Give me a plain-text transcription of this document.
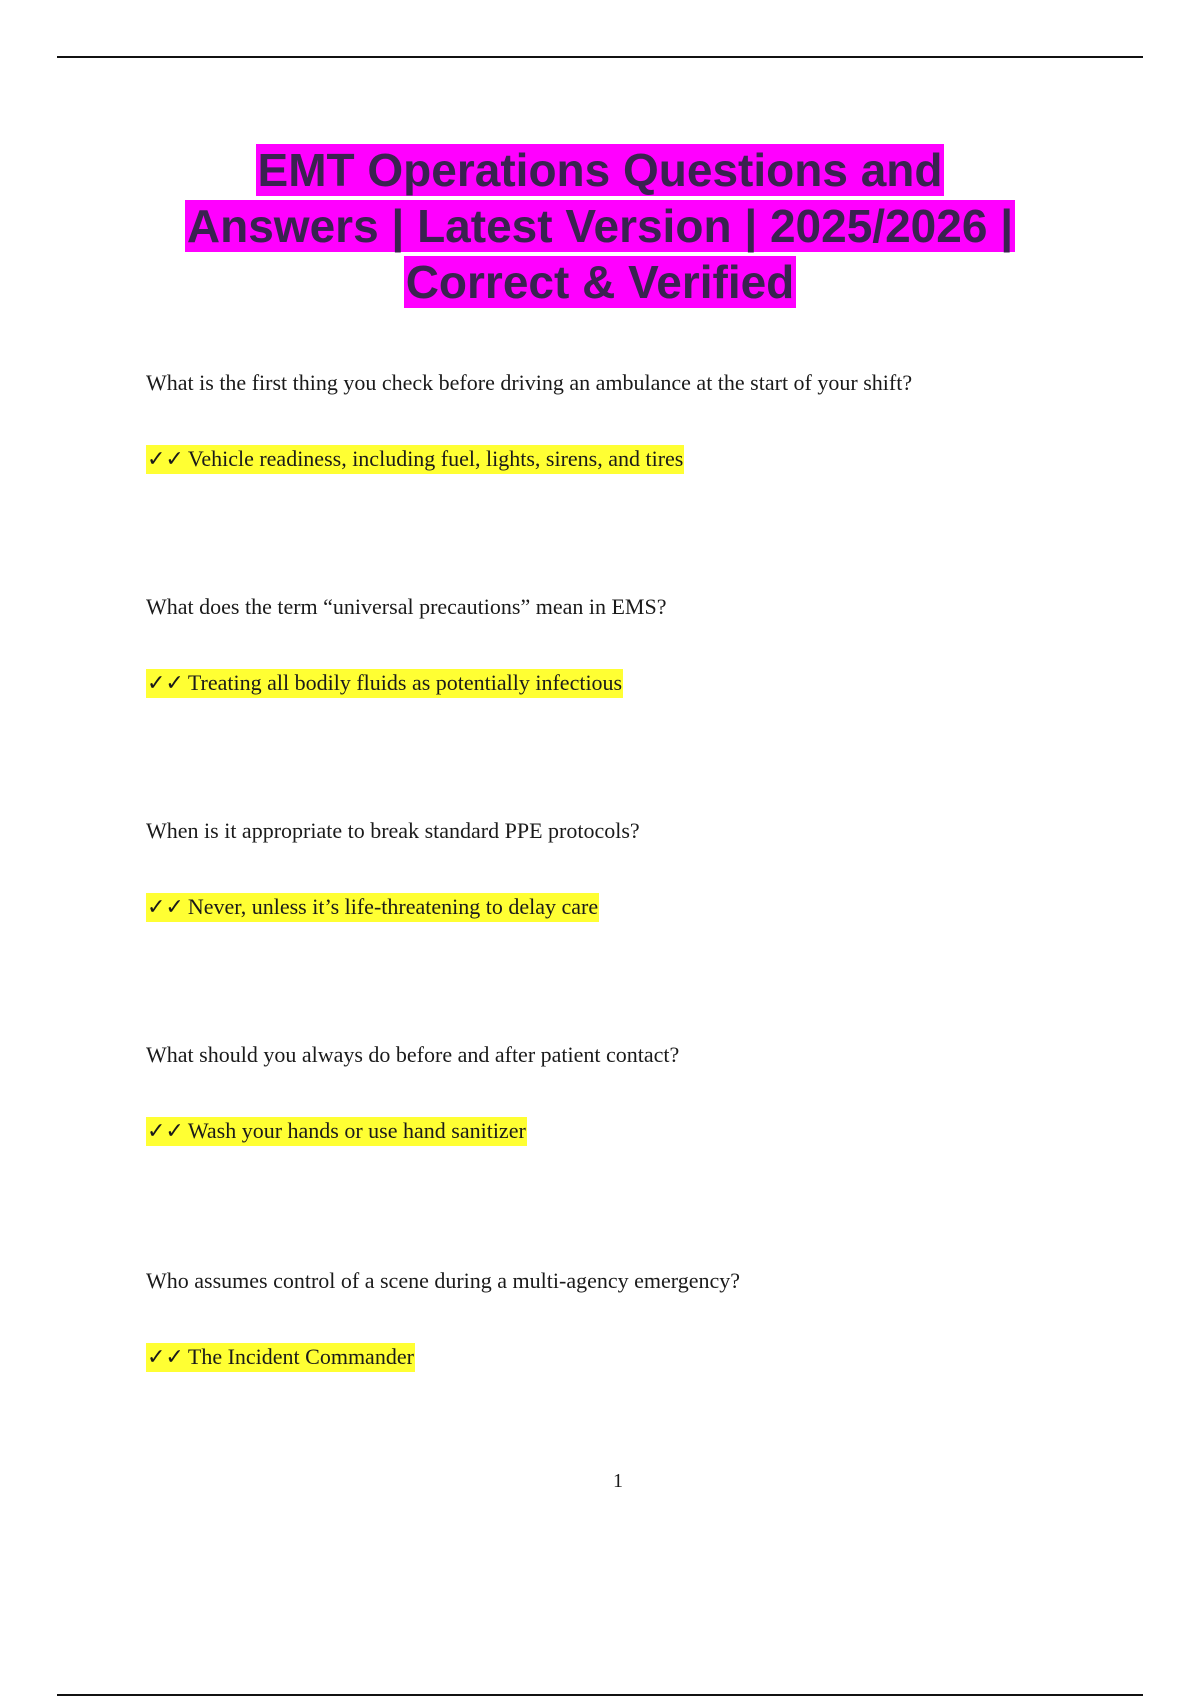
EMT Operations Questions and
Answers | Latest Version | 2025/2026 |
Correct & Verified

What is the first thing you check before driving an ambulance at the start of your shift?

✓✓ Vehicle readiness, including fuel, lights, sirens, and tires

What does the term “universal precautions” mean in EMS?

✓✓ Treating all bodily fluids as potentially infectious

When is it appropriate to break standard PPE protocols?

✓✓ Never, unless it’s life-threatening to delay care

What should you always do before and after patient contact?

✓✓ Wash your hands or use hand sanitizer

Who assumes control of a scene during a multi-agency emergency?

✓✓ The Incident Commander
1
